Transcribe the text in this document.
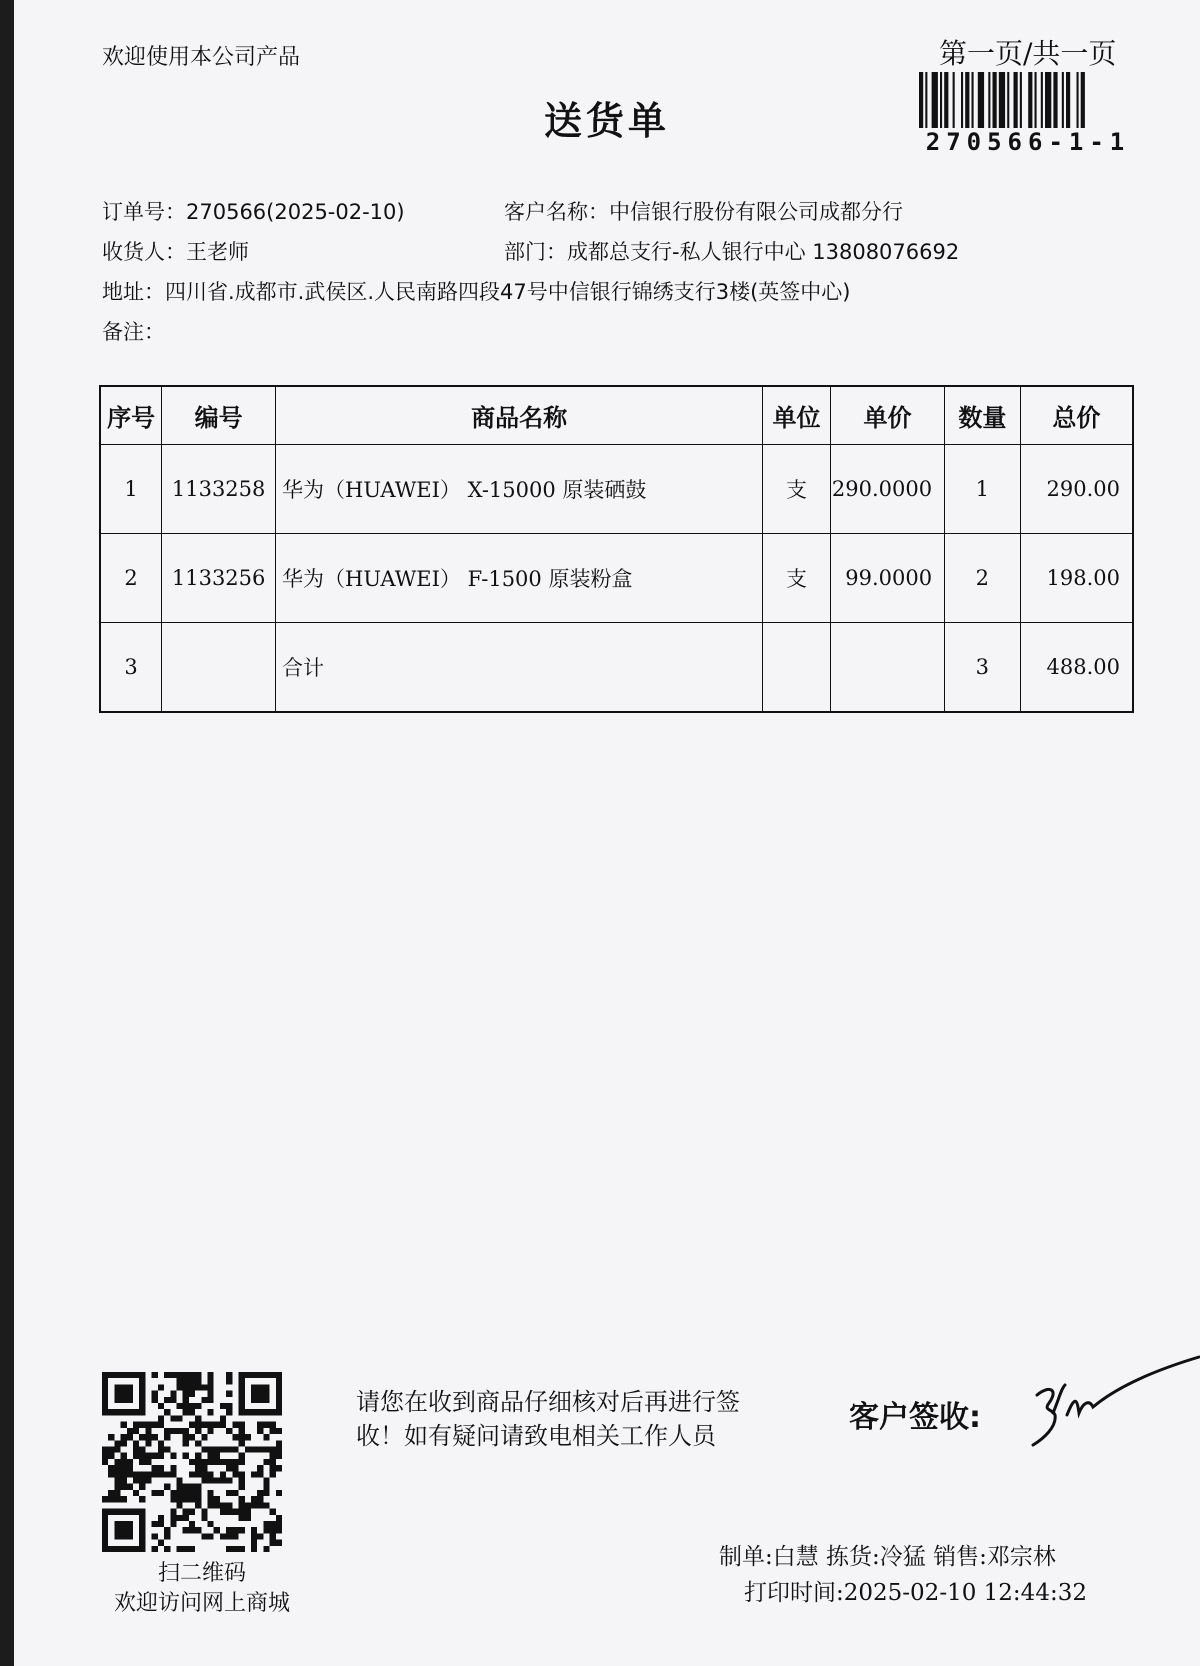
欢迎使用本公司产品	第一页/共一页
送货单	270566-1-1
订单号：270566(2025-02-10)	客户名称：中信银行股份有限公司成都分行
收货人：王老师	部门：成都总支行-私人银行中心 13808076692
地址：四川省.成都市.武侯区.人民南路四段47号中信银行锦绣支行3楼(英签中心)
备注：
序号	编号	商品名称	单位	单价	数量	总价
1	1133258	华为（HUAWEI） X-15000 原装硒鼓	支	290.0000	1	290.00
2	1133256	华为（HUAWEI） F-1500 原装粉盒	支	99.0000	2	198.00
3		合计			3	488.00
扫二维码
欢迎访问网上商城
请您在收到商品仔细核对后再进行签收！如有疑问请致电相关工作人员
客户签收:
制单:白慧 拣货:冷猛 销售:邓宗林
打印时间:2025-02-10 12:44:32
